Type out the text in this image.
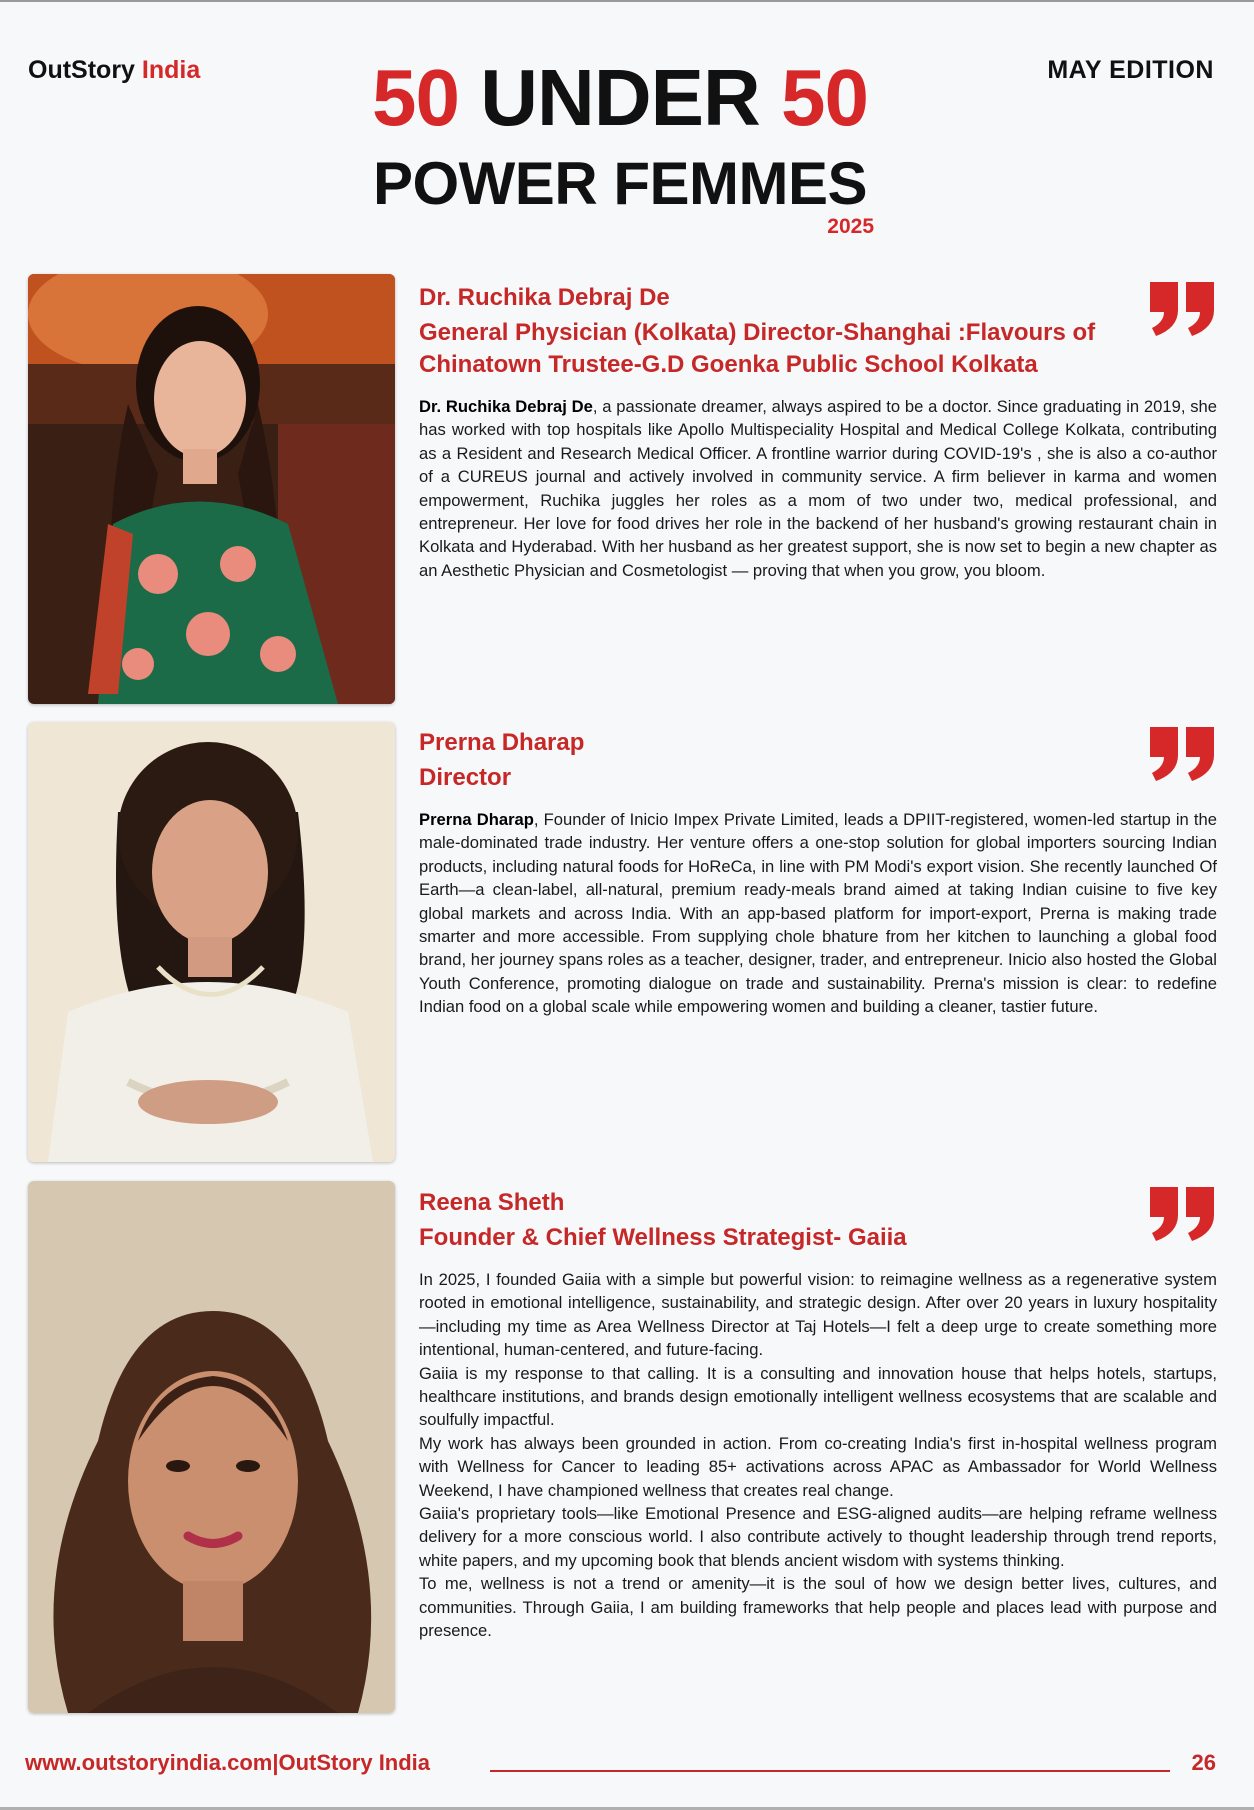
OutStory India	MAY EDITION
50 UNDER 50
POWER FEMMES
2025
Dr. Ruchika Debraj De
General Physician (Kolkata) Director-Shanghai :Flavours of Chinatown Trustee-G.D Goenka Public School Kolkata

Dr. Ruchika Debraj De, a passionate dreamer, always aspired to be a doctor. Since graduating in 2019, she has worked with top hospitals like Apollo Multispeciality Hospital and Medical College Kolkata, contributing as a Resident and Research Medical Officer. A frontline warrior during COVID-19's , she is also a co-author of a CUREUS journal and actively involved in community service. A firm believer in karma and women empowerment, Ruchika juggles her roles as a mom of two under two, medical professional, and entrepreneur. Her love for food drives her role in the backend of her husband's growing restaurant chain in Kolkata and Hyderabad. With her husband as her greatest support, she is now set to begin a new chapter as an Aesthetic Physician and Cosmetologist — proving that when you grow, you bloom.

Prerna Dharap
Director

Prerna Dharap, Founder of Inicio Impex Private Limited, leads a DPIIT-registered, women-led startup in the male-dominated trade industry. Her venture offers a one-stop solution for global importers sourcing Indian products, including natural foods for HoReCa, in line with PM Modi's export vision. She recently launched Of Earth—a clean-label, all-natural, premium ready-meals brand aimed at taking Indian cuisine to five key global markets and across India. With an app-based platform for import-export, Prerna is making trade smarter and more accessible. From supplying chole bhature from her kitchen to launching a global food brand, her journey spans roles as a teacher, designer, trader, and entrepreneur. Inicio also hosted the Global Youth Conference, promoting dialogue on trade and sustainability. Prerna's mission is clear: to redefine Indian food on a global scale while empowering women and building a cleaner, tastier future.

Reena Sheth
Founder & Chief Wellness Strategist- Gaiia

In 2025, I founded Gaiia with a simple but powerful vision: to reimagine wellness as a regenerative system rooted in emotional intelligence, sustainability, and strategic design. After over 20 years in luxury hospitality—including my time as Area Wellness Director at Taj Hotels—I felt a deep urge to create something more intentional, human-centered, and future-facing.

Gaiia is my response to that calling. It is a consulting and innovation house that helps hotels, startups, healthcare institutions, and brands design emotionally intelligent wellness ecosystems that are scalable and soulfully impactful.

My work has always been grounded in action. From co-creating India's first in-hospital wellness program with Wellness for Cancer to leading 85+ activations across APAC as Ambassador for World Wellness Weekend, I have championed wellness that creates real change.

Gaiia's proprietary tools—like Emotional Presence and ESG-aligned audits—are helping reframe wellness delivery for a more conscious world. I also contribute actively to thought leadership through trend reports, white papers, and my upcoming book that blends ancient wisdom with systems thinking.

To me, wellness is not a trend or amenity—it is the soul of how we design better lives, cultures, and communities. Through Gaiia, I am building frameworks that help people and places lead with purpose and presence.

www.outstoryindia.com|OutStory India	26
